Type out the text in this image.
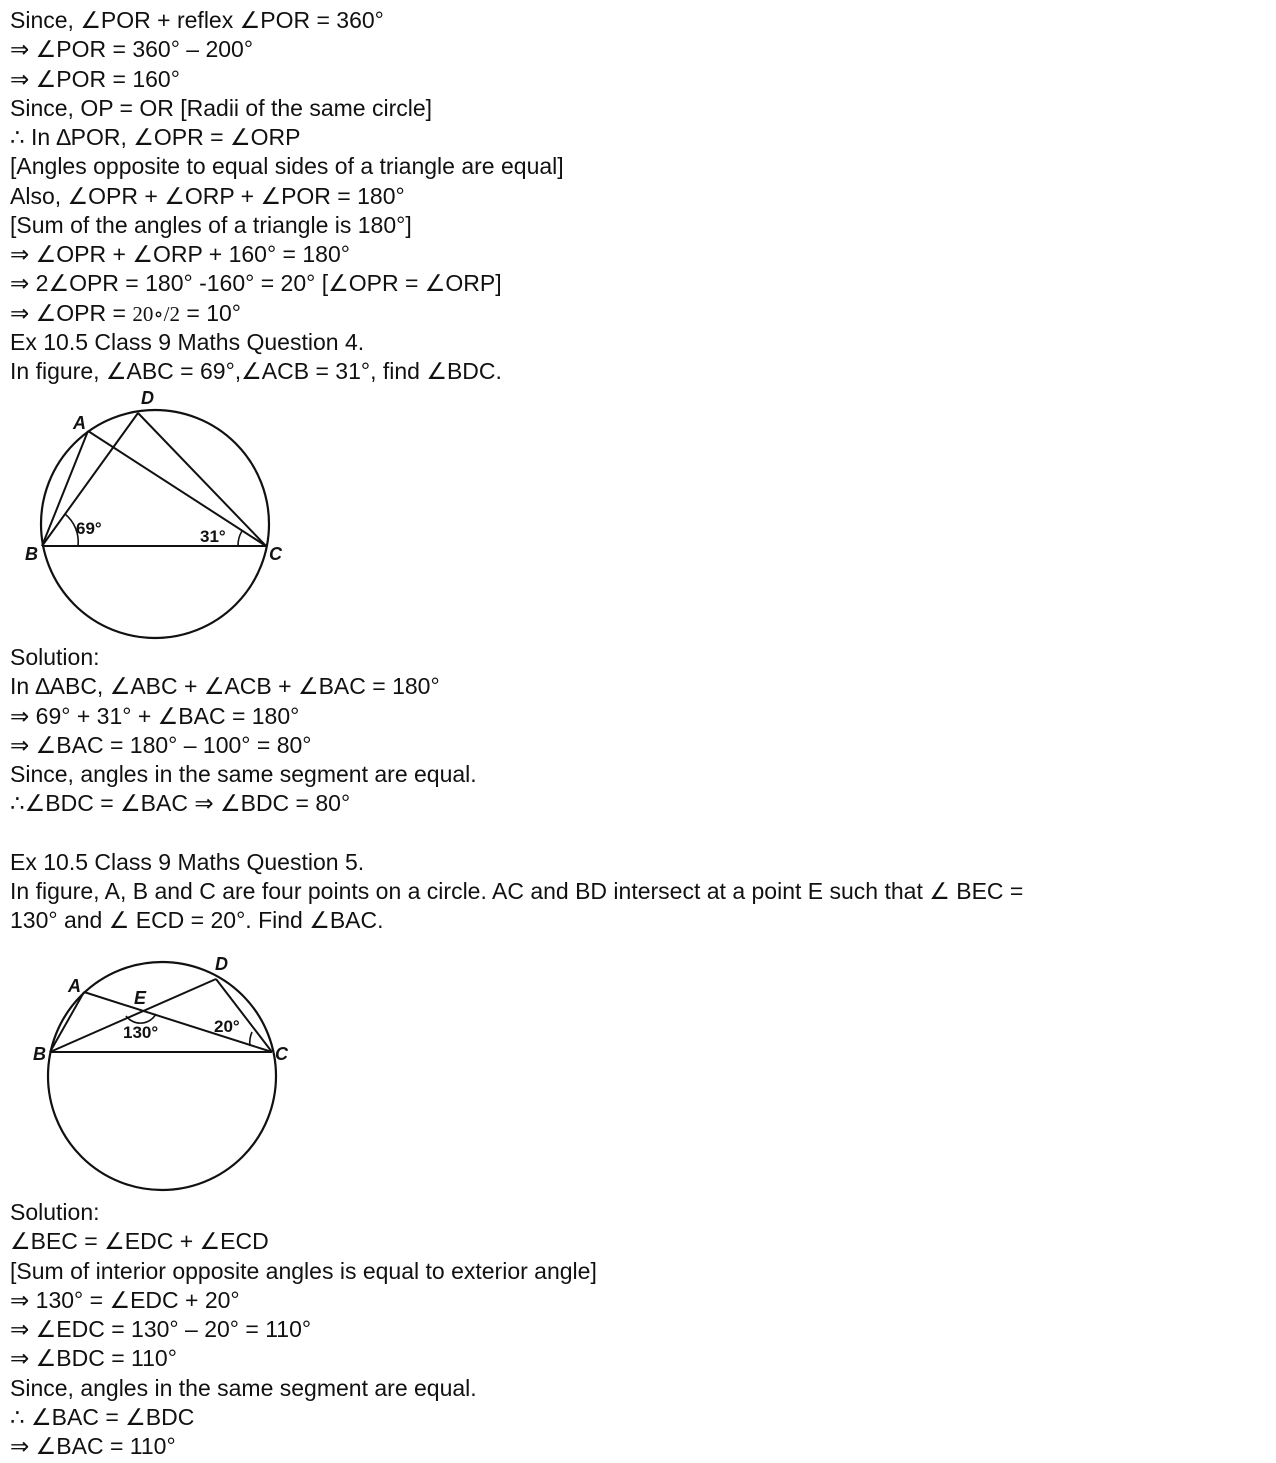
Since, ∠POR + reflex ∠POR = 360°
⇒ ∠POR = 360° – 200°
⇒ ∠POR = 160°
Since, OP = OR [Radii of the same circle]
∴ In ∆POR, ∠OPR = ∠ORP
[Angles opposite to equal sides of a triangle are equal]
Also, ∠OPR + ∠ORP + ∠POR = 180°
[Sum of the angles of a triangle is 180°]
⇒ ∠OPR + ∠ORP + 160° = 180°
⇒ 2∠OPR = 180° -160° = 20° [∠OPR = ∠ORP]
⇒ ∠OPR = 20∘/2 = 10°
Ex 10.5 Class 9 Maths Question 4.
In figure, ∠ABC = 69°,∠ACB = 31°, find ∠BDC.
A
D
B	C
69°	31°
Solution:
In ∆ABC, ∠ABC + ∠ACB + ∠BAC = 180°
⇒ 69° + 31° + ∠BAC = 180°
⇒ ∠BAC = 180° – 100° = 80°
Since, angles in the same segment are equal.
∴∠BDC = ∠BAC ⇒ ∠BDC = 80°
Ex 10.5 Class 9 Maths Question 5.
In figure, A, B and C are four points on a circle. AC and BD intersect at a point E such that ∠ BEC =
130° and ∠ ECD = 20°. Find ∠BAC.
A
D
E
B	C
130°	20°
Solution:
∠BEC = ∠EDC + ∠ECD
[Sum of interior opposite angles is equal to exterior angle]
⇒ 130° = ∠EDC + 20°
⇒ ∠EDC = 130° – 20° = 110°
⇒ ∠BDC = 110°
Since, angles in the same segment are equal.
∴ ∠BAC = ∠BDC
⇒ ∠BAC = 110°
